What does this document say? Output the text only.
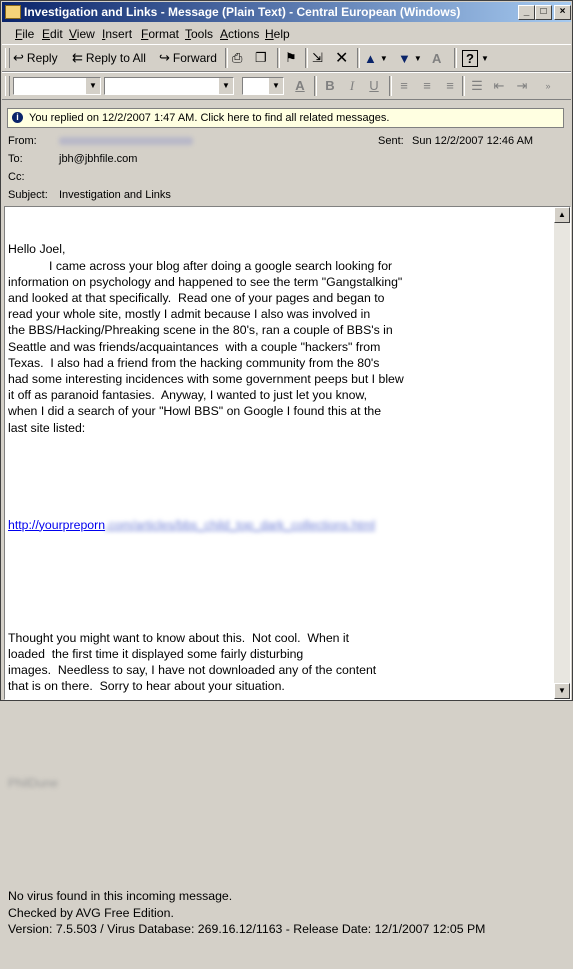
Investigation and Links - Message (Plain Text) - Central European (Windows)	_	□	×
File Edit View Insert Format Tools Actions Help
↩ Reply ⇇ Reply to All ↪ Forward ⎙ ❐ ⚑ ⇲ ✕ ▲ ▼ ▼ ▼ A	? ▼
▼	▼	▼	A	B	I	U	≡	≡	≡	☰ ⇤ ⇥	»
i You replied on 12/2/2007 1:47 AM. Click here to find all related messages.
From:	Sent: Sun 12/2/2007 12:46 AM
To:	jbh@jbhfile.com
Cc:
Subject: Investigation and Links

Hello Joel,
I came across your blog after doing a google search looking for
information on psychology and happened to see the term "Gangstalking"
and looked at that specifically.  Read one of your pages and began to
read your whole site, mostly I admit because I also was involved in
the BBS/Hacking/Phreaking scene in the 80's, ran a couple of BBS's in
Seattle and was friends/acquaintances  with a couple "hackers" from
Texas.  I also had a friend from the hacking community from the 80's
had some interesting incidences with some government peeps but I blew
it off as paranoid fantasies.  Anyway, I wanted to just let you know,
when I did a search of your "Howl BBS" on Google I found this at the
last site listed:

http://yourpreporn.com/articles/bbs_child_top_dark_collections.html

Thought you might want to know about this.  Not cool.  When it
loaded  the first time it displayed some fairly disturbing
images.  Needless to say, I have not downloaded any of the content
that is on there.  Sorry to hear about your situation.

PhilDune

No virus found in this incoming message.
Checked by AVG Free Edition.
Version: 7.5.503 / Virus Database: 269.16.12/1163 - Release Date: 12/1/2007 12:05 PM

▲
▼
